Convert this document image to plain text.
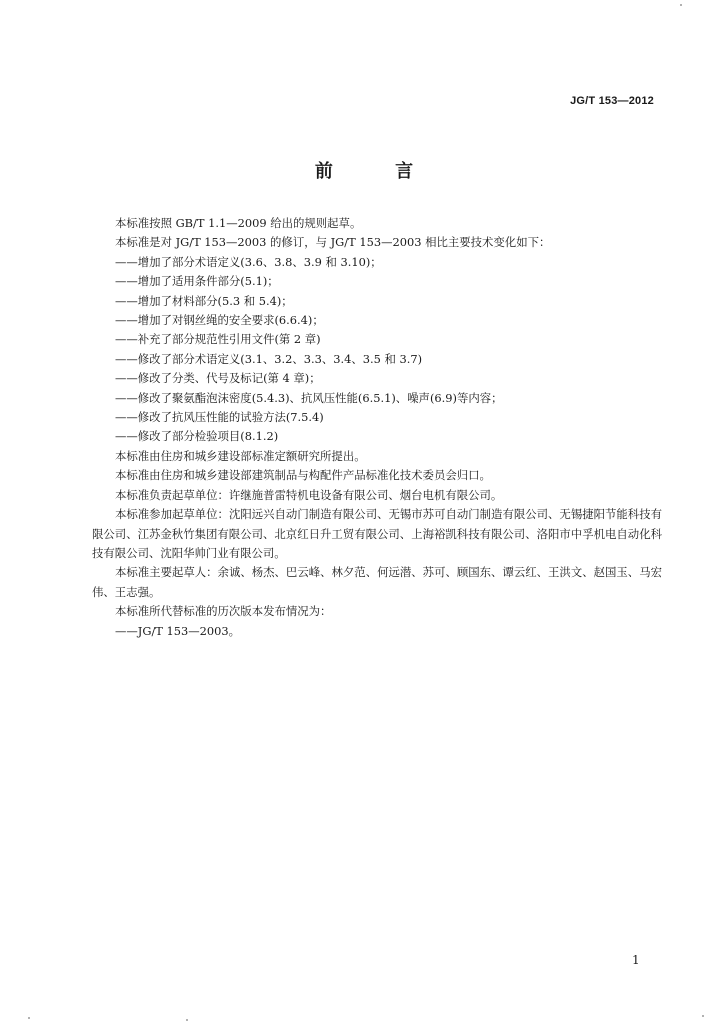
JG/T 153—2012
前 言

本标准按照 GB/T 1.1—2009 给出的规则起草。

本标准是对 JG/T 153—2003 的修订，与 JG/T 153—2003 相比主要技术变化如下：

——增加了部分术语定义(3.6、3.8、3.9 和 3.10)；

——增加了适用条件部分(5.1)；

——增加了材料部分(5.3 和 5.4)；

——增加了对钢丝绳的安全要求(6.6.4)；

——补充了部分规范性引用文件(第 2 章)

——修改了部分术语定义(3.1、3.2、3.3、3.4、3.5 和 3.7)

——修改了分类、代号及标记(第 4 章)；

——修改了聚氨酯泡沫密度(5.4.3)、抗风压性能(6.5.1)、噪声(6.9)等内容；

——修改了抗风压性能的试验方法(7.5.4)

——修改了部分检验项目(8.1.2)

本标准由住房和城乡建设部标准定额研究所提出。

本标准由住房和城乡建设部建筑制品与构配件产品标准化技术委员会归口。

本标准负责起草单位：许继施普雷特机电设备有限公司、烟台电机有限公司。

本标准参加起草单位：沈阳远兴自动门制造有限公司、无锡市苏可自动门制造有限公司、无锡捷阳节能科技有限公司、江苏金秋竹集团有限公司、北京红日升工贸有限公司、上海裕凯科技有限公司、洛阳市中孚机电自动化科技有限公司、沈阳华帅门业有限公司。

本标准主要起草人：余诚、杨杰、巴云峰、林夕范、何远潜、苏可、顾国东、谭云红、王洪文、赵国玉、马宏伟、王志强。

本标准所代替标准的历次版本发布情况为：

——JG/T 153—2003。

1
